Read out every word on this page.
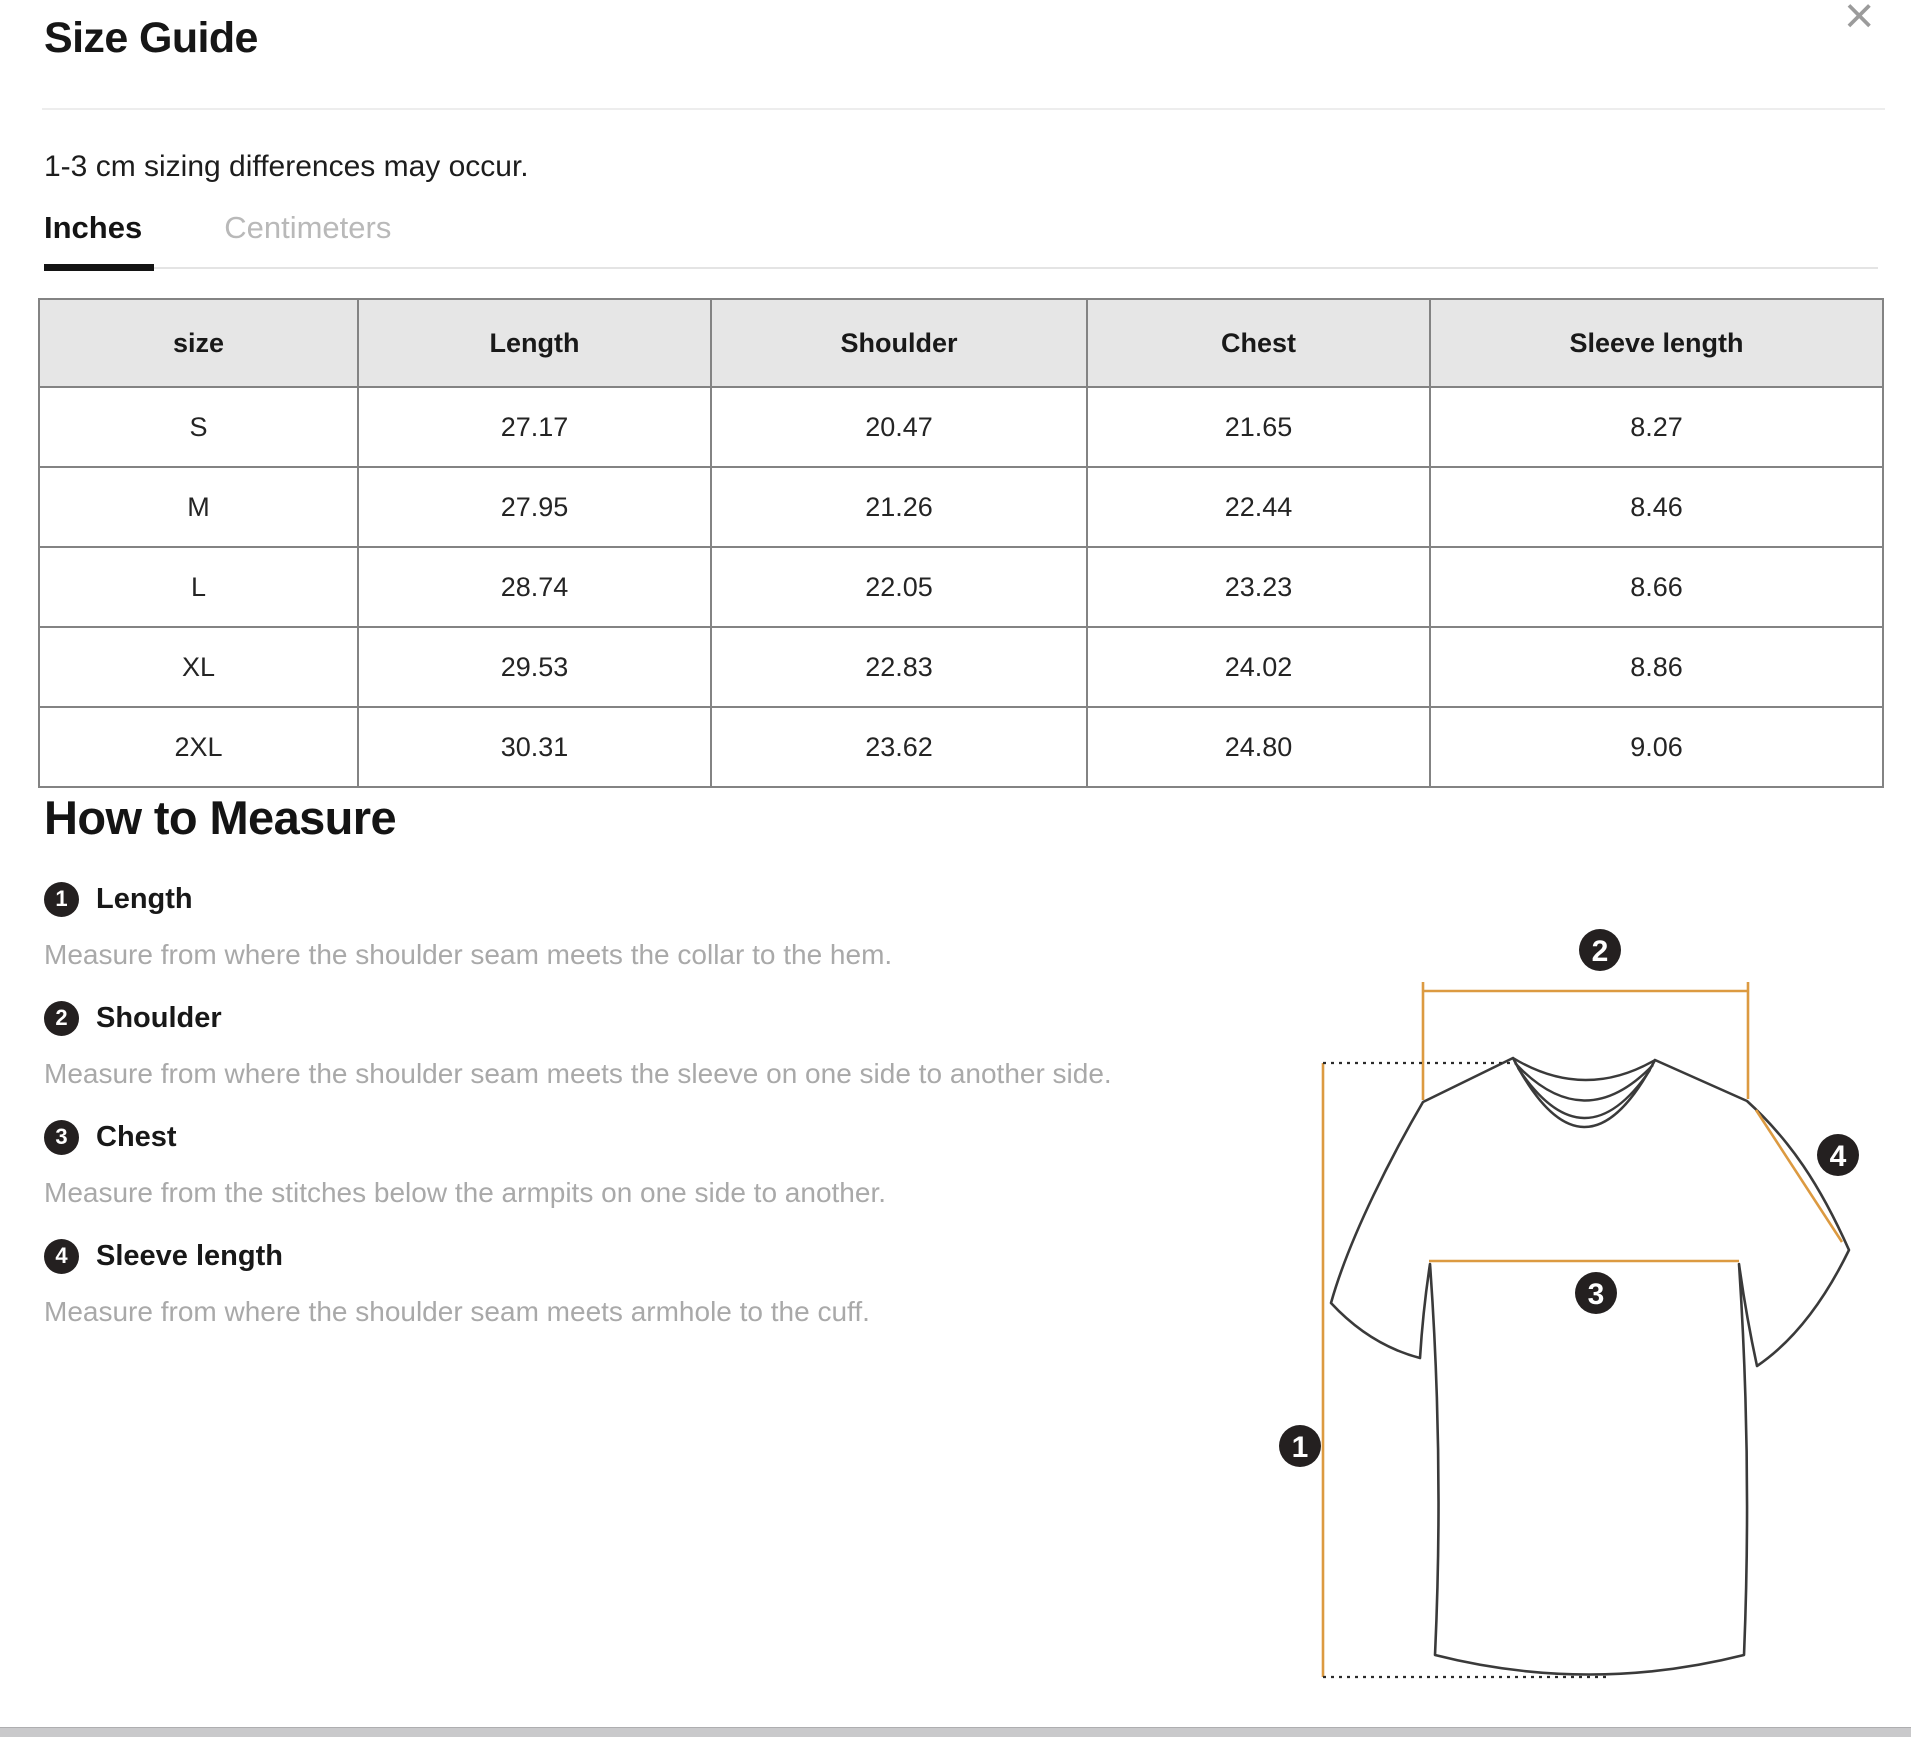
Size Guide	×
1-3 cm sizing differences may occur.
Inches	Centimeters
size	Length	Shoulder	Chest	Sleeve length
S	27.17	20.47	21.65	8.27
M	27.95	21.26	22.44	8.46
L	28.74	22.05	23.23	8.66
XL	29.53	22.83	24.02	8.86
2XL	30.31	23.62	24.80	9.06
How to Measure
1 Length
Measure from where the shoulder seam meets the collar to the hem.
2 Shoulder
Measure from where the shoulder seam meets the sleeve on one side to another side.
3 Chest
Measure from the stitches below the armpits on one side to another.
4 Sleeve length
Measure from where the shoulder seam meets armhole to the cuff.
1
2
3
4
